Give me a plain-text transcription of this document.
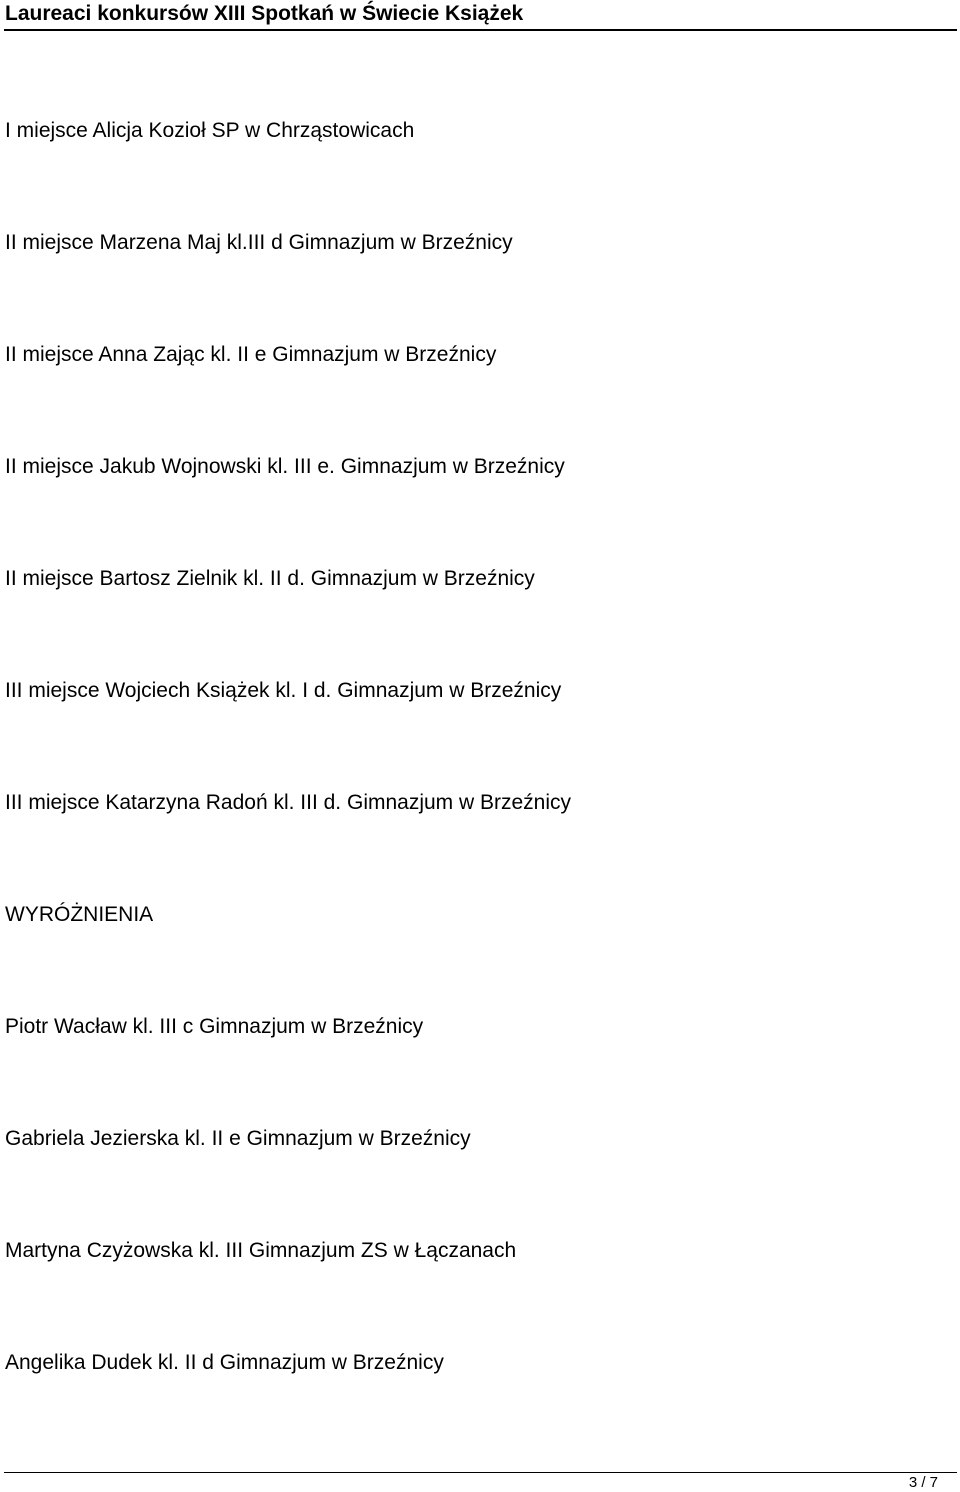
Laureaci konkursów XIII Spotkań w Świecie Książek

I miejsce Alicja Kozioł SP w Chrząstowicach

II miejsce Marzena Maj kl.III d Gimnazjum w Brzeźnicy

II miejsce Anna Zając kl. II e Gimnazjum w Brzeźnicy

II miejsce Jakub Wojnowski kl. III e. Gimnazjum w Brzeźnicy

II miejsce Bartosz Zielnik kl. II d. Gimnazjum w Brzeźnicy

III miejsce Wojciech Książek kl. I d. Gimnazjum w Brzeźnicy

III miejsce Katarzyna Radoń kl. III d. Gimnazjum w Brzeźnicy

WYRÓŻNIENIA

Piotr Wacław kl. III c Gimnazjum w Brzeźnicy

Gabriela Jezierska kl. II e Gimnazjum w Brzeźnicy

Martyna Czyżowska kl. III Gimnazjum ZS w Łączanach

Angelika Dudek kl. II d Gimnazjum w Brzeźnicy

3 / 7
